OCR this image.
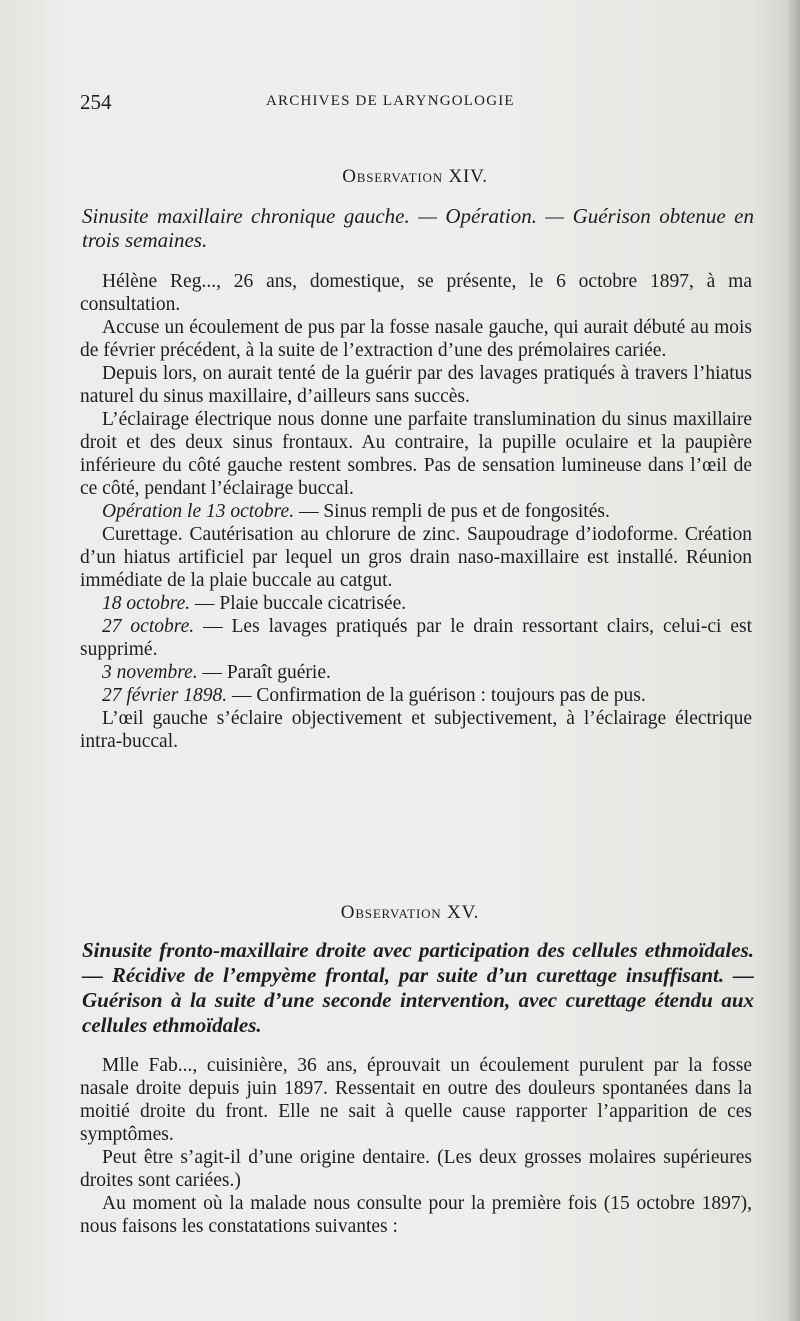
254	ARCHIVES DE LARYNGOLOGIE
Observation XIV.
Sinusite maxillaire chronique gauche. — Opération. — Guérison obtenue en trois semaines.

Hélène Reg..., 26 ans, domestique, se présente, le 6 octobre 1897, à ma consultation.

Accuse un écoulement de pus par la fosse nasale gauche, qui aurait débuté au mois de février précédent, à la suite de l’extraction d’une des prémolaires cariée.

Depuis lors, on aurait tenté de la guérir par des lavages pratiqués à travers l’hiatus naturel du sinus maxillaire, d’ailleurs sans succès.

L’éclairage électrique nous donne une parfaite translumination du sinus maxillaire droit et des deux sinus frontaux. Au contraire, la pupille oculaire et la paupière inférieure du côté gauche restent sombres. Pas de sensation lumineuse dans l’œil de ce côté, pendant l’éclairage buccal.

Opération le 13 octobre. — Sinus rempli de pus et de fongosités.

Curettage. Cautérisation au chlorure de zinc. Saupoudrage d’iodoforme. Création d’un hiatus artificiel par lequel un gros drain naso-maxillaire est installé. Réunion immédiate de la plaie buccale au catgut.

18 octobre. — Plaie buccale cicatrisée.

27 octobre. — Les lavages pratiqués par le drain ressortant clairs, celui-ci est supprimé.

3 novembre. — Paraît guérie.

27 février 1898. — Confirmation de la guérison : toujours pas de pus.

L’œil gauche s’éclaire objectivement et subjectivement, à l’éclairage électrique intra-buccal.

Observation XV.
Sinusite fronto-maxillaire droite avec participation des cellules ethmoïdales. — Récidive de l’empyème frontal, par suite d’un curettage insuffisant. — Guérison à la suite d’une seconde intervention, avec curettage étendu aux cellules ethmoïdales.

Mlle Fab..., cuisinière, 36 ans, éprouvait un écoulement purulent par la fosse nasale droite depuis juin 1897. Ressentait en outre des douleurs spontanées dans la moitié droite du front. Elle ne sait à quelle cause rapporter l’apparition de ces symptômes.

Peut être s’agit-il d’une origine dentaire. (Les deux grosses molaires supérieures droites sont cariées.)

Au moment où la malade nous consulte pour la première fois (15 octobre 1897), nous faisons les constatations suivantes :
